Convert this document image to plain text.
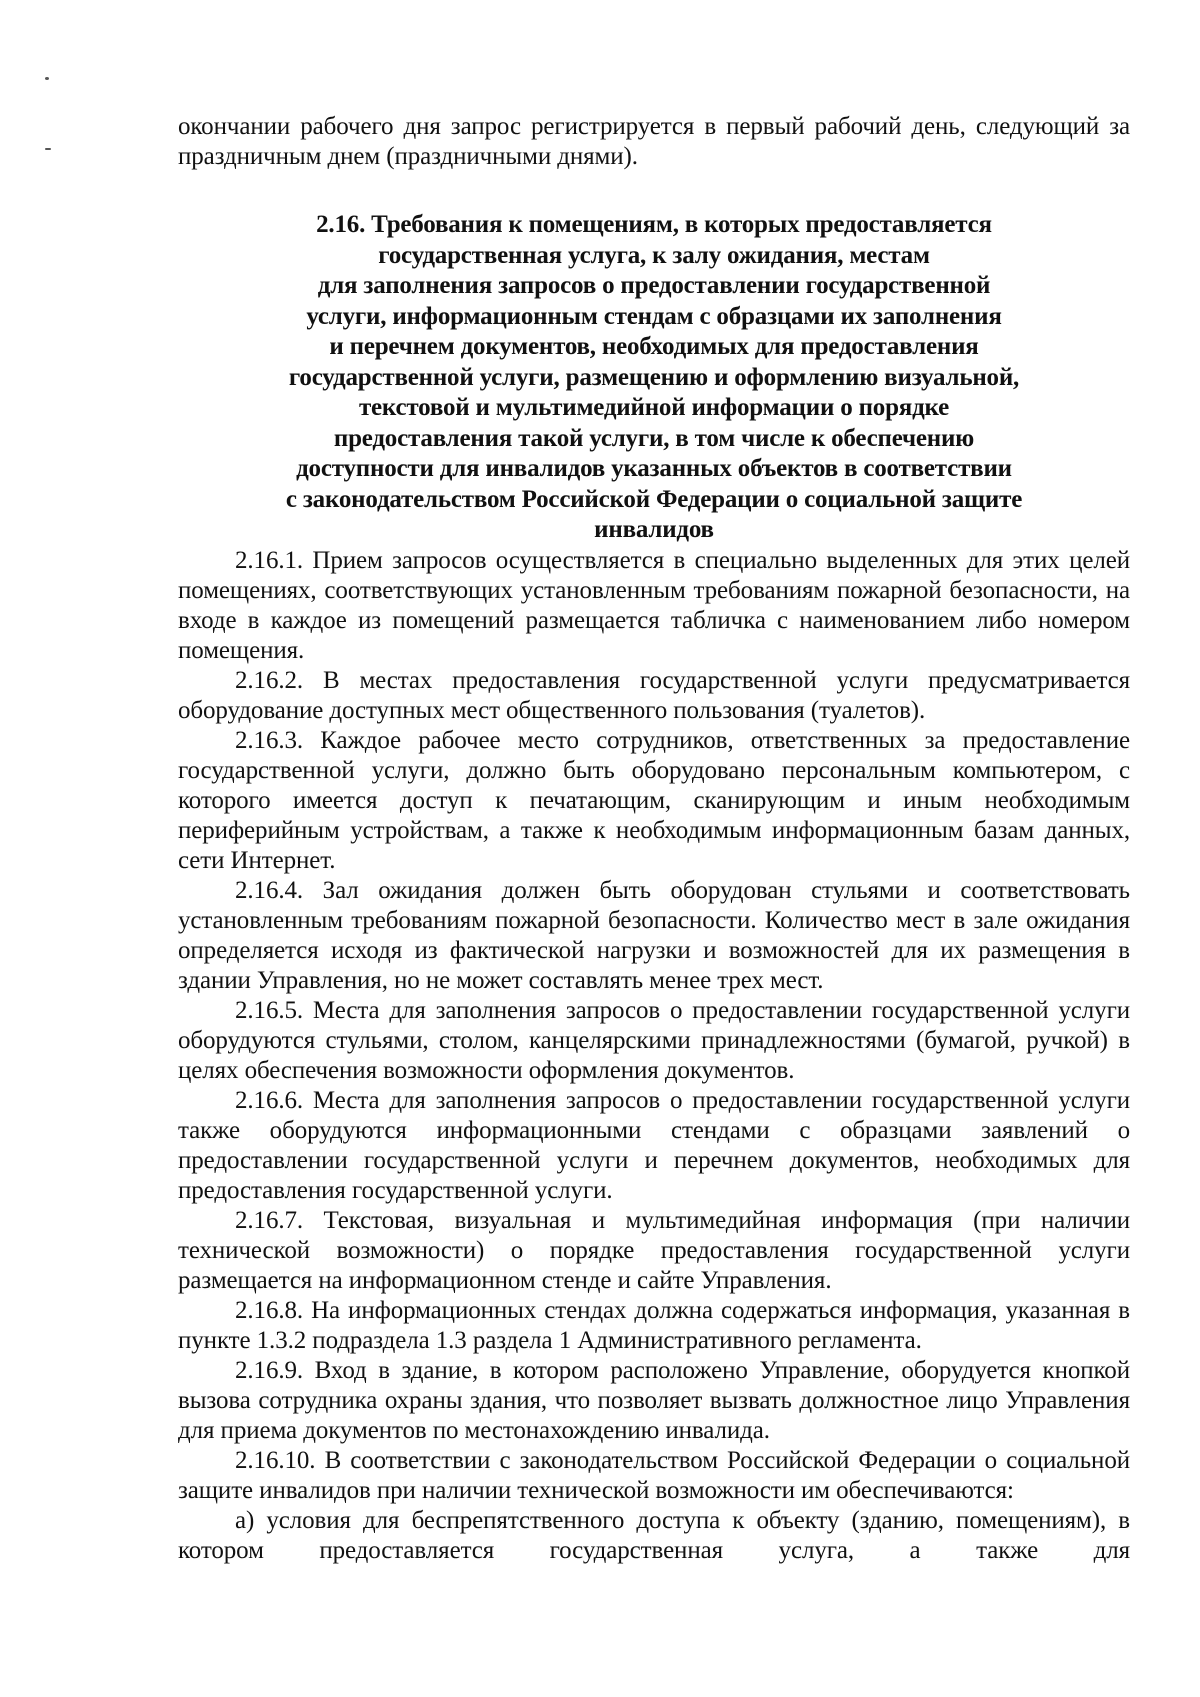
окончании рабочего дня запрос регистрируется в первый рабочий день, следующий за праздничным днем (праздничными днями).

2.16. Требования к помещениям, в которых предоставляется
государственная услуга, к залу ожидания, местам
для заполнения запросов о предоставлении государственной
услуги, информационным стендам с образцами их заполнения
и перечнем документов, необходимых для предоставления
государственной услуги, размещению и оформлению визуальной,
текстовой и мультимедийной информации о порядке
предоставления такой услуги, в том числе к обеспечению
доступности для инвалидов указанных объектов в соответствии
с законодательством Российской Федерации о социальной защите
инвалидов

2.16.1. Прием запросов осуществляется в специально выделенных для этих целей помещениях, соответствующих установленным требованиям пожарной безопасности, на входе в каждое из помещений размещается табличка с наименованием либо номером помещения.

2.16.2. В местах предоставления государственной услуги предусматривается оборудование доступных мест общественного пользования (туалетов).

2.16.3. Каждое рабочее место сотрудников, ответственных за предоставление государственной услуги, должно быть оборудовано персональным компьютером, с которого имеется доступ к печатающим, сканирующим и иным необходимым периферийным устройствам, а также к необходимым информационным базам данных, сети Интернет.

2.16.4. Зал ожидания должен быть оборудован стульями и соответствовать установленным требованиям пожарной безопасности. Количество мест в зале ожидания определяется исходя из фактической нагрузки и возможностей для их размещения в здании Управления, но не может составлять менее трех мест.

2.16.5. Места для заполнения запросов о предоставлении государственной услуги оборудуются стульями, столом, канцелярскими принадлежностями (бумагой, ручкой) в целях обеспечения возможности оформления документов.

2.16.6. Места для заполнения запросов о предоставлении государственной услуги также оборудуются информационными стендами с образцами заявлений о предоставлении государственной услуги и перечнем документов, необходимых для предоставления государственной услуги.

2.16.7. Текстовая, визуальная и мультимедийная информация (при наличии технической возможности) о порядке предоставления государственной услуги размещается на информационном стенде и сайте Управления.

2.16.8. На информационных стендах должна содержаться информация, указанная в пункте 1.3.2 подраздела 1.3 раздела 1 Административного регламента.

2.16.9. Вход в здание, в котором расположено Управление, оборудуется кнопкой вызова сотрудника охраны здания, что позволяет вызвать должностное лицо Управления для приема документов по местонахождению инвалида.

2.16.10. В соответствии с законодательством Российской Федерации о социальной защите инвалидов при наличии технической возможности им обеспечиваются:

а) условия для беспрепятственного доступа к объекту (зданию, помещениям), в котором предоставляется государственная услуга, а также для
